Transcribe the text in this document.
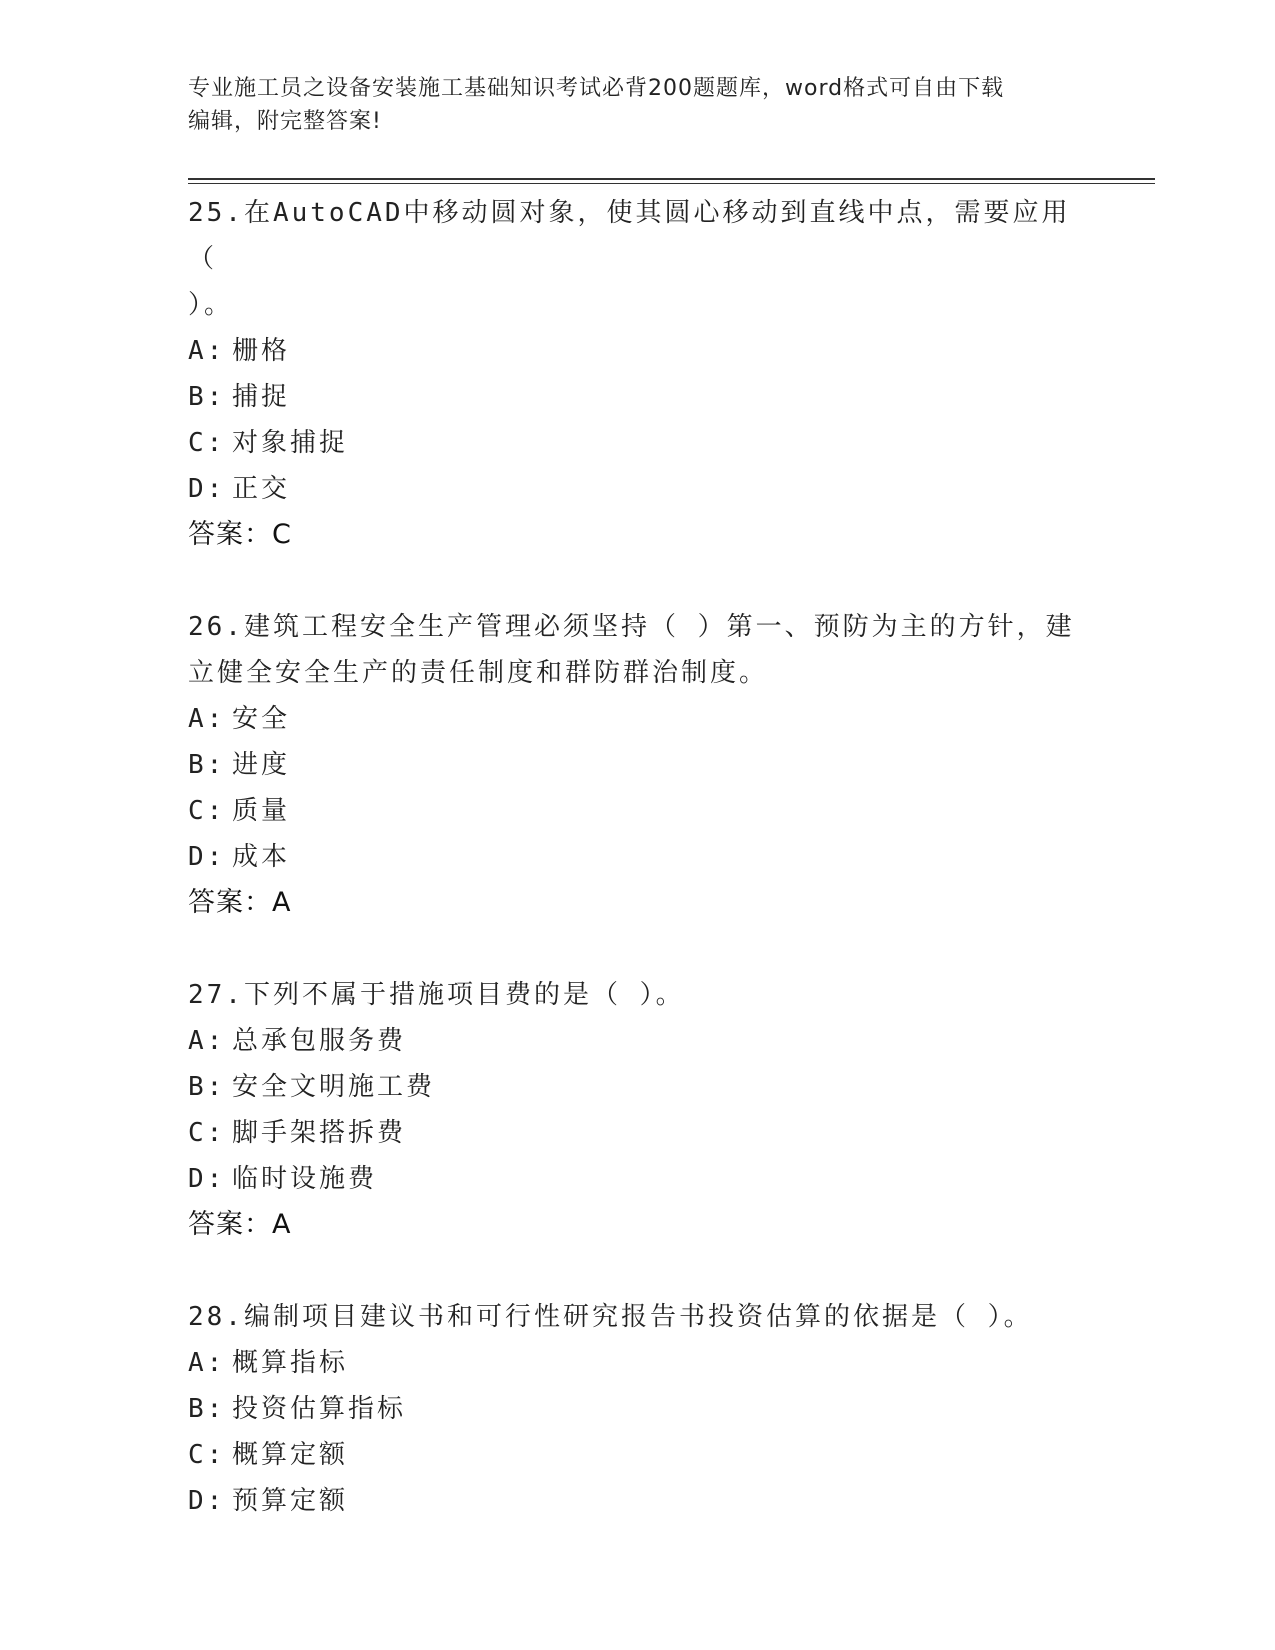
专业施工员之设备安装施工基础知识考试必背200题题库，word格式可自由下载
编辑，附完整答案!
25.在AutoCAD中移动圆对象，使其圆心移动到直线中点，需要应用（
）。
A: 栅格
B: 捕捉
C: 对象捕捉
D: 正交
答案：C
26.建筑工程安全生产管理必须坚持（ ）第一、预防为主的方针，建
立健全安全生产的责任制度和群防群治制度。
A: 安全
B: 进度
C: 质量
D: 成本
答案：A
27.下列不属于措施项目费的是（ ）。
A: 总承包服务费
B: 安全文明施工费
C: 脚手架搭拆费
D: 临时设施费
答案：A
28.编制项目建议书和可行性研究报告书投资估算的依据是（ ）。
A: 概算指标
B: 投资估算指标
C: 概算定额
D: 预算定额
